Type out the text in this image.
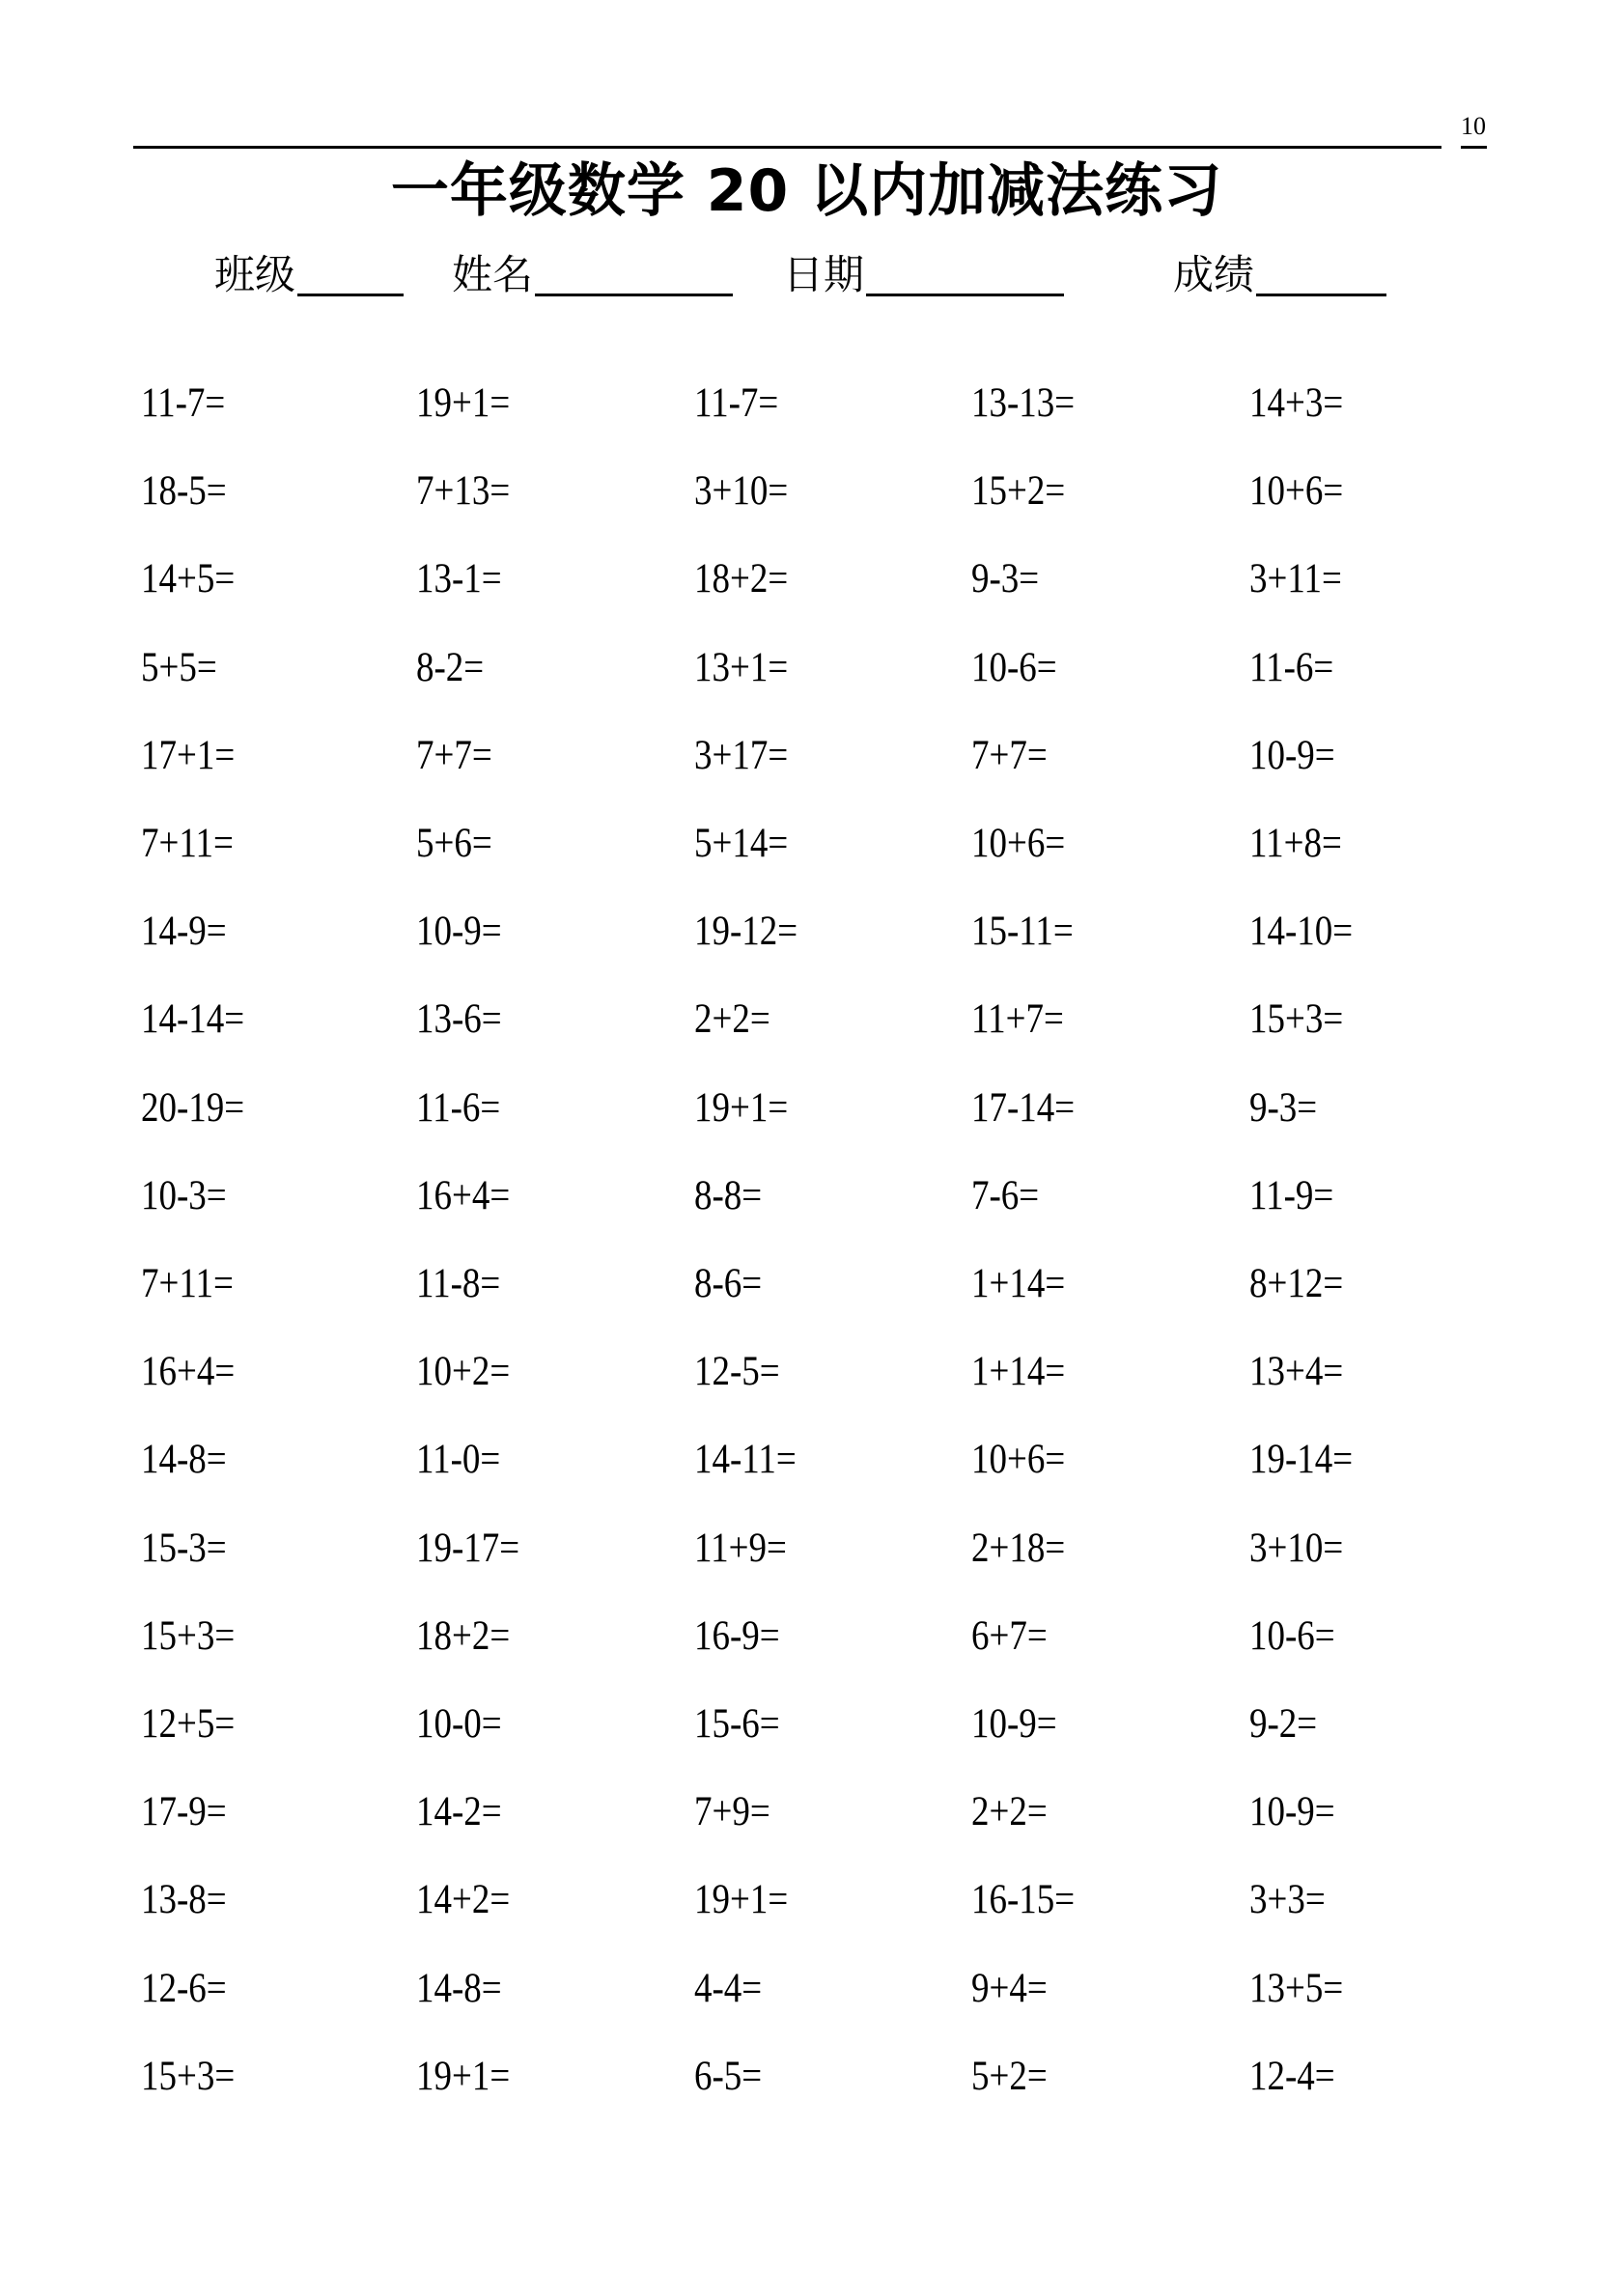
10
一年级数学 20 以内加减法练习
班级	姓名	日期	成绩
11-7=	19+1=	11-7=	13-13=	14+3=
18-5=	7+13=	3+10=	15+2=	10+6=
14+5=	13-1=	18+2=	9-3=	3+11=
5+5=	8-2=	13+1=	10-6=	11-6=
17+1=	7+7=	3+17=	7+7=	10-9=
7+11=	5+6=	5+14=	10+6=	11+8=
14-9=	10-9=	19-12=	15-11=	14-10=
14-14=	13-6=	2+2=	11+7=	15+3=
20-19=	11-6=	19+1=	17-14=	9-3=
10-3=	16+4=	8-8=	7-6=	11-9=
7+11=	11-8=	8-6=	1+14=	8+12=
16+4=	10+2=	12-5=	1+14=	13+4=
14-8=	11-0=	14-11=	10+6=	19-14=
15-3=	19-17=	11+9=	2+18=	3+10=
15+3=	18+2=	16-9=	6+7=	10-6=
12+5=	10-0=	15-6=	10-9=	9-2=
17-9=	14-2=	7+9=	2+2=	10-9=
13-8=	14+2=	19+1=	16-15=	3+3=
12-6=	14-8=	4-4=	9+4=	13+5=
15+3=	19+1=	6-5=	5+2=	12-4=
